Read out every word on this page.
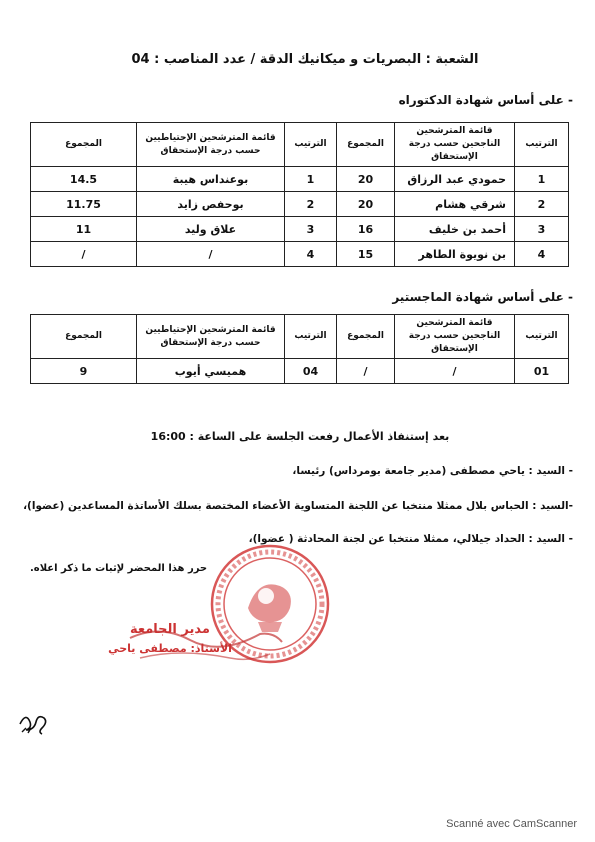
الشعبة : البصريات و ميكانيك الدقة / عدد المناصب : 04
- على أساس شهادة الدكتوراه
الترتيب	قائمة المترشحين الناجحين حسب درجة الإستحقاق	المجموع	الترتيب	قائمة المترشحين الإحتياطيين حسب درجة الإستحقاق	المجموع
1	حمودي عبد الرزاق	20	1	بوعنداس هيبة	14.5
2	شرقي هشام	20	2	بوحفص زايد	11.75
3	أحمد بن خليف	16	3	علاق وليد	11
4	بن نويوة الطاهر	15	4	/	/
- على أساس شهادة الماجستير
الترتيب	قائمة المترشحين الناجحين حسب درجة الإستحقاق	المجموع	الترتيب	قائمة المترشحين الإحتياطيين حسب درجة الإستحقاق	المجموع
01	/	/	04	هميسي أيوب	9
بعد إستنفاذ الأعمال رفعت الجلسة على الساعة : 16:00
- السيد : ياحي مصطفى (مدير جامعة بومرداس) رئيسا،
-السيد : الحباس بلال ممثلا منتخبا عن اللجنة المتساوية الأعضاء المختصة بسلك الأساتذة المساعدين (عضوا)،
- السيد : الحداد جيلالي، ممثلا منتخبا عن لجنة المحادثة ( عضوا)،
حرر هذا المحضر لإثبات ما ذكر اعلاه.
مدير الجامعة
الأستاذ: مصطفى ياحي
Scanné avec CamScanner
